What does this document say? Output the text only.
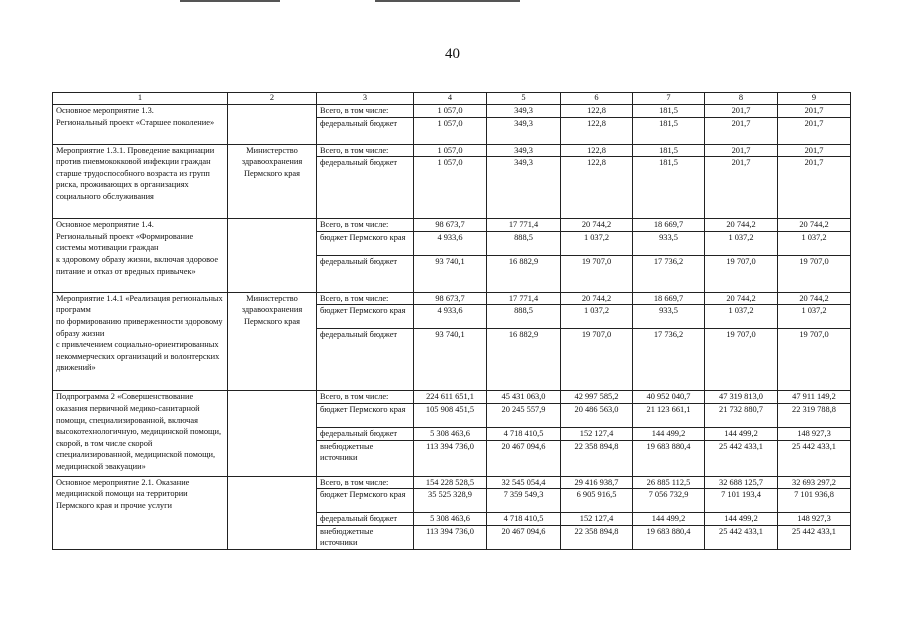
40
1	2	3	4	5	6	7	8	9
Основное мероприятие 1.3.
Региональный проект «Старшее поколение»		Всего, в том числе:	1 057,0	349,3	122,8	181,5	201,7	201,7
		федеральный бюджет	1 057,0	349,3	122,8	181,5	201,7	201,7
Мероприятие 1.3.1. Проведение вакцинации против пневмококковой инфекции граждан старше трудоспособного возраста из групп риска, проживающих в организациях социального обслуживания	Министерство здравоохранения Пермского края	Всего, в том числе:	1 057,0	349,3	122,8	181,5	201,7	201,7
		федеральный бюджет	1 057,0	349,3	122,8	181,5	201,7	201,7
Основное мероприятие 1.4.
Региональный проект «Формирование системы мотивации граждан
к здоровому образу жизни, включая здоровое питание и отказ от вредных привычек»		Всего, в том числе:	98 673,7	17 771,4	20 744,2	18 669,7	20 744,2	20 744,2
		бюджет Пермского края	4 933,6	888,5	1 037,2	933,5	1 037,2	1 037,2
		федеральный бюджет	93 740,1	16 882,9	19 707,0	17 736,2	19 707,0	19 707,0
Мероприятие 1.4.1 «Реализация региональных программ
по формированию приверженности здоровому образу жизни
с привлечением социально-ориентированных некоммерческих организаций и волонтерских движений»	Министерство здравоохранения Пермского края	Всего, в том числе:	98 673,7	17 771,4	20 744,2	18 669,7	20 744,2	20 744,2
		бюджет Пермского края	4 933,6	888,5	1 037,2	933,5	1 037,2	1 037,2
		федеральный бюджет	93 740,1	16 882,9	19 707,0	17 736,2	19 707,0	19 707,0
Подпрограмма 2 «Совершенствование оказания первичной медико-санитарной помощи, специализированной, включая высокотехнологичную, медицинской помощи, скорой, в том числе скорой специализированной, медицинской помощи, медицинской эвакуации»		Всего, в том числе:	224 611 651,1	45 431 063,0	42 997 585,2	40 952 040,7	47 319 813,0	47 911 149,2
		бюджет Пермского края	105 908 451,5	20 245 557,9	20 486 563,0	21 123 661,1	21 732 880,7	22 319 788,8
		федеральный бюджет	5 308 463,6	4 718 410,5	152 127,4	144 499,2	144 499,2	148 927,3
		внебюджетные источники	113 394 736,0	20 467 094,6	22 358 894,8	19 683 880,4	25 442 433,1	25 442 433,1
Основное мероприятие 2.1. Оказание медицинской помощи на территории Пермского края и прочие услуги		Всего, в том числе:	154 228 528,5	32 545 054,4	29 416 938,7	26 885 112,5	32 688 125,7	32 693 297,2
		бюджет Пермского края	35 525 328,9	7 359 549,3	6 905 916,5	7 056 732,9	7 101 193,4	7 101 936,8
		федеральный бюджет	5 308 463,6	4 718 410,5	152 127,4	144 499,2	144 499,2	148 927,3
		внебюджетные источники	113 394 736,0	20 467 094,6	22 358 894,8	19 683 880,4	25 442 433,1	25 442 433,1
